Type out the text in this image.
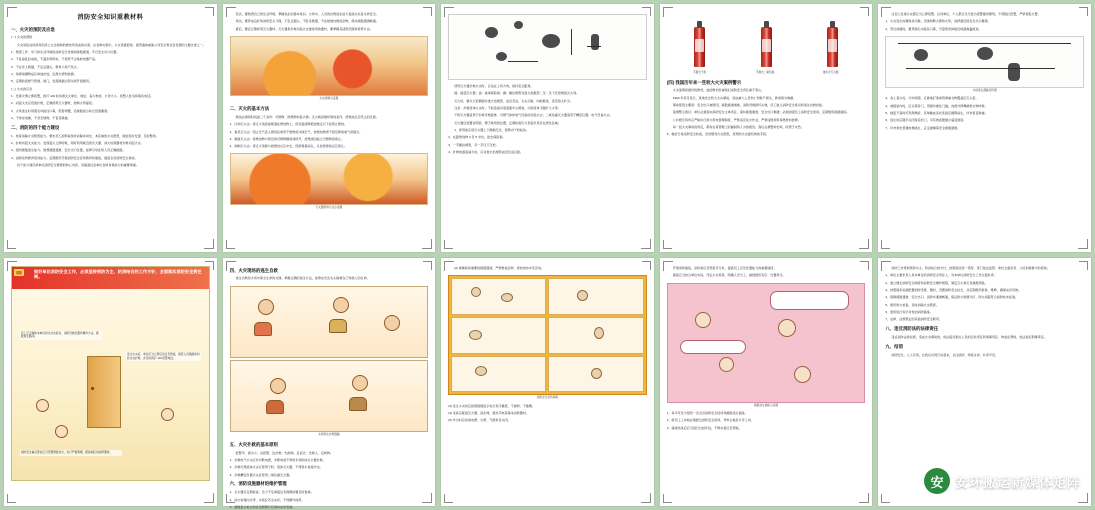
消防安全知识重教材料
一、火灾的预防及应急

(一) 火灾的预防

火灾是指在时间和空间上失去控制的燃烧所造成的灾害。在各种灾害中，火灾是最经常、最普遍地威胁公众安全和社会发展的主要灾害之一。

1、熟悉工作、学习和生活环境的消防安全设施和疏散通道，牢记安全出口位置。

2、不乱接乱拉电线，不超负荷用电，不使用不合格的电器产品。

3、不在床上吸烟，不乱丢烟头，教育小孩不玩火。

4、易燃易爆物品应单独存放，远离火源和热源。

5、定期检查燃气管道、阀门，发现泄漏立即关阀开窗通风。

(二) 火灾的应急

1、发现火情立即报警，拨打 119 时讲清失火单位、地址、着火物质、火势大小、报警人姓名和联系电话。

2、初起火灾应迅速扑救，正确使用灭火器材，控制火势蔓延。

3、火场逃生时用湿毛巾捂住口鼻，低姿弯腰，沿疏散指示标志迅速撤离。

4、不乘坐电梯，不贪恋财物，不盲目跳楼。

二、消防的四个能力建设

1、检查消除火灾隐患能力。要求员工能够查找并消除本岗位、本区域的火灾隐患，做到及时发现、及时整改。

2、扑救初起火灾能力。发现起火立即呼救，同时利用就近的灭火器、消火栓等器材扑救初起火灾。

3、组织疏散逃生能力。熟悉疏散通道、安全出口位置，能够引导在场人员正确疏散。

4、消防宣传教育培训能力。定期组织开展消防安全宣传教育和演练，提高全员消防安全素质。

四个能力建设是单位消防安全管理的核心内容，是提高社会单位自防自救能力的重要举措。

其次，要熟悉自己的生活环境，掌握逃生的基本常识。火场中，人员的自救逃生能力直接关系着生命安全。

再次，要养成良好的消防安全习惯，不乱丢烟头，不卧床吸烟，不在楼道内堆放杂物，保持疏散通道畅通。

最后，要会正确使用灭火器材。灭火器是扑救初起火灾最常用的器材，要掌握其适用范围和使用方法。

火灾现场示意图
二、灭火的基本方法

燃烧必须同时具备三个条件：可燃物、助燃物和着火源。灭火就是破坏燃烧条件，使燃烧反应终止的过程。

1、冷却灭火法：将灭火剂直接喷洒在燃烧物上，使其温度降低到燃点以下而停止燃烧。

2、窒息灭火法：阻止空气流入燃烧区或用不燃物质冲淡空气，使燃烧物得不到足够的氧气而熄灭。

3、隔离灭火法：将燃烧物与附近的可燃物隔离或移开，使燃烧因缺乏可燃物而停止。

4、抑制灭火法：使灭火剂参与到燃烧反应中去，使游离基消失，从而使燃烧反应停止。

灭火器使用方法示意图

使用灭火器扑救火灾时，应站在上风方向，保持安全距离。

提：提起灭火器；拔：拔掉保险销；握：握住喷管对准火焰根部；压：压下压把喷射灭火剂。

灭火时，要从火焰侧面对准火焰根部，由近及远、左右扫射，向前推进，直至将火扑灭。

注意：扑救液体火灾时，不能直接对着液面中心喷射，以防液体飞溅扩大火势。

干粉灭火器适用于扑救可燃液体、可燃气体和电气设备的初起火灾；二氧化碳灭火器适用于精密仪器、电气设备火灾。

灭火器应放置在明显、便于取用的位置，定期检查压力表指针是否在绿色区域。

1、使用前应将灭火器上下颠倒几次，使筒内干粉松动。

2、在距燃烧物 3 至 5 米处，拔去保险销。

3、一手握住喷管，另一手压下压把。

4、扑救地面流淌火时，应对准火焰根部由近及远扫射。

手提式干粉	手提式二氧化碳	推车式灭火器
(四) 我国历年来一些较大火灾案例警示

火灾案例是最好的教材，血的教训告诫我们消防安全责任重于泰山。

1993 年某月某日，某地发生特大火灾事故，造成重大人员伤亡和财产损失，教训极为惨痛。

事故原因主要是：安全出口被锁闭，疏散通道堵塞，消防设施损坏失效，员工缺乏消防安全常识和逃生自救技能。

案例警示我们：单位必须落实消防安全主体责任，保持疏散通道、安全出口畅通；必须加强员工消防安全培训，定期组织疏散演练。

公共娱乐场所应严格执行用火用电管理制度，严禁违章动火作业，严禁违规使用易燃材料装修。

每一起火灾事故的背后，都存在着管理上的漏洞和人为的疏忽。我们必须警钟长鸣，防患于未然。

5、做好日常消防安全检查，及时整改火灾隐患，是预防火灾最有效的手段。

任何人发现火灾都应当立即报警。任何单位、个人都应当无偿为报警提供便利，不得阻拦报警，严禁谎报火警。

1、火灾发生时要保持冷静，迅速判断火源和火势，选择最近的安全出口撤离。

2、穿过浓烟时，要用湿毛巾捂住口鼻，尽量使身体贴近地面匍匐前进。

火场逃生漫画宣传图

3、身上着火时，切勿奔跑，应就地打滚或用厚重衣物覆盖压灭火苗。

4、被困室内时，应关紧房门，用湿布塞住门缝，向窗外挥舞鲜艳衣物呼救。

5、楼层不高时可利用绳索、床单撕成条状连接后缓降逃生，切勿盲目跳楼。

6、逃生时应随手关闭身后的门，可有效延缓烟火蔓延速度。

7、切勿乘坐普通电梯逃生，应走楼梯等安全疏散通道。

做好单位消防安全工作，必须坚持预防为主、防消结合的工作方针，全面落实消防安全责任制。
消防
员工应当熟知本单位的火灾危险性、消防设施位置和操作方法、疏散逃生路线。
发生火灾后，单位应当立即启动应急预案，组织人员疏散和初起火灾扑救，并及时拨打 119 报警电话。
消防安全重点部位应当设置明显标志，实行严格管理，配备相应的消防器材。
四、火灾现场的逃生自救

逃生自救是火场中保全生命的关键。掌握正确的逃生方法，能够在危急关头挽救自己和他人的生命。

火场逃生自救漫画
五、火灾扑救的基本原则

报警早、损失小；边报警、边扑救；先控制、后消灭；先救人、后救物。

1、扑救电气火灾应先切断电源，未断电前不得用水和泡沫灭火器扑救。

2、扑救可燃液体火灾应使用干粉、泡沫灭火器，不得用水直接冲击。

3、扑救精密仪器火灾宜使用二氧化碳灭火器。

六、消防设施器材的维护管理

1、灭火器应定期检查，压力不足或超过有效期的要及时更换。

2、消火栓箱内水带、水枪应齐全完好，不得挪作他用。

3、疏散指示标志和应急照明灯应保持完好有效。

(2) 楼梯间是重要的疏散通道，严禁堆放杂物、停放电动车及充电。

消防安全宣传海报

(3) 发生火灾时应按照疏散指示标志有序撤离，不拥挤、不推搡。

(4) 家庭应配备灭火器、逃生绳、强光手电等基本消防器材。

(5) 外出时应检查电源、火源、气源是否关闭。

开展消防演练，是检验应急预案可行性、提高员工应急处置能力的重要途径。

演练应当结合单位实际，设定火灾场景，明确人员分工，做到组织有序、处置得当。

疏散逃生演练示意图

1、每半年至少组织一次全员消防安全培训和疏散逃生演练。

2、新员工上岗前必须经过消防安全培训，考核合格后方可上岗。

3、演练结束后应当进行总结评估，不断完善应急预案。

消防工作贯彻预防为主、防消结合的方针，按照政府统一领导、部门依法监管、单位全面负责、公民积极参与的原则。

1、单位主要负责人是本单位的消防安全责任人，对本单位消防安全工作全面负责。

2、建立健全消防安全制度和消防安全操作规程，制定灭火和应急疏散预案。

3、按照国家标准配置消防设施、器材，设置消防安全标志，并定期组织检验、维修，确保完好有效。

4、保障疏散通道、安全出口、消防车通道畅通，保证防火防烟分区、防火间距符合消防技术标准。

5、组织防火检查，及时消除火灾隐患。

6、组织进行有针对性的消防演练。

7、法律、法规规定的其他消防安全职责。

八、违反消防法的法律责任

违反消防法律法规，造成火灾事故的，依法追究相关人员的行政责任和刑事责任；构成犯罪的，依法追究刑事责任。

九、结语

消防安全，人人有责。让我们共同行动起来，关注消防、珍爱生命、共享平安。

安 安环搬运新媒体矩阵
